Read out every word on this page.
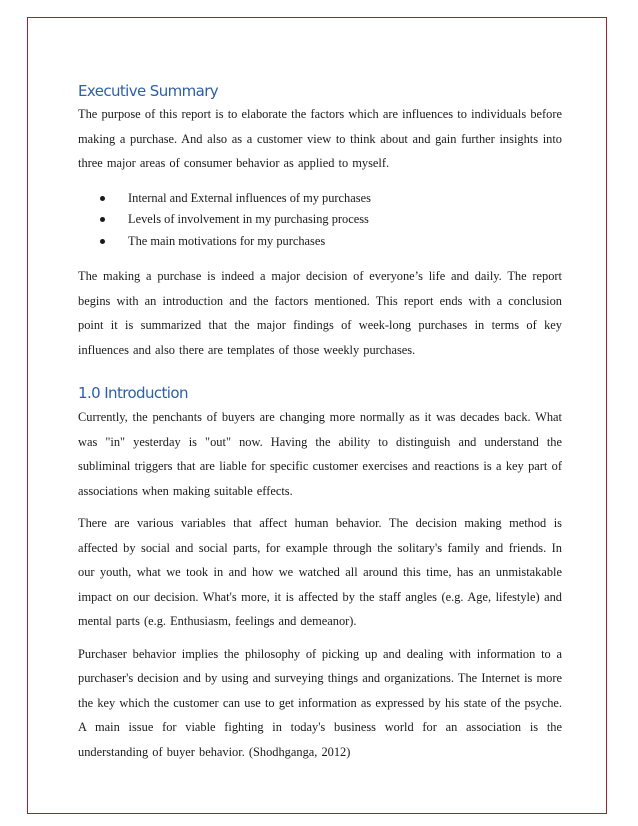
Executive Summary

The purpose of this report is to elaborate the factors which are influences to individuals before making a purchase. And also as a customer view to think about and gain further insights into three major areas of consumer behavior as applied to myself.

Internal and External influences of my purchases
Levels of involvement in my purchasing process
The main motivations for my purchases

The making a purchase is indeed a major decision of everyone’s life and daily. The report begins with an introduction and the factors mentioned. This report ends with a conclusion point it is summarized that the major findings of week-long purchases in terms of key influences and also there are templates of those weekly purchases.

1.0 Introduction

Currently, the penchants of buyers are changing more normally as it was decades back. What was "in" yesterday is "out" now. Having the ability to distinguish and understand the subliminal triggers that are liable for specific customer exercises and reactions is a key part of associations when making suitable effects.

There are various variables that affect human behavior. The decision making method is affected by social and social parts, for example through the solitary's family and friends. In our youth, what we took in and how we watched all around this time, has an unmistakable impact on our decision. What's more, it is affected by the staff angles (e.g. Age, lifestyle) and mental parts (e.g. Enthusiasm, feelings and demeanor).

Purchaser behavior implies the philosophy of picking up and dealing with information to a purchaser's decision and by using and surveying things and organizations. The Internet is more the key which the customer can use to get information as expressed by his state of the psyche. A main issue for viable fighting in today's business world for an association is the understanding of buyer behavior. (Shodhganga, 2012)
